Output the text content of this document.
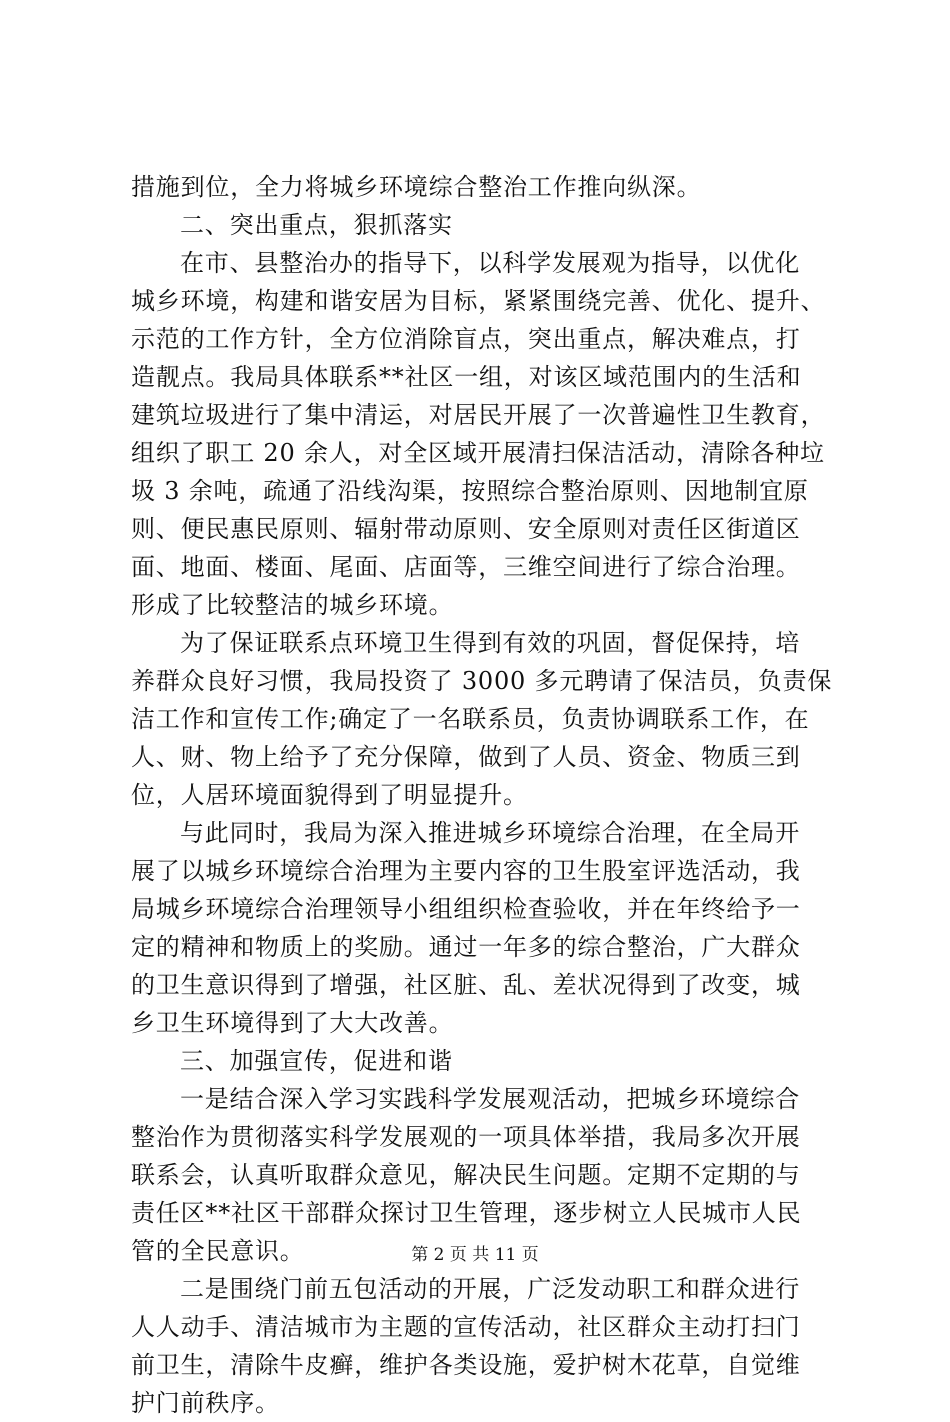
措施到位，全力将城乡环境综合整治工作推向纵深。
二、突出重点，狠抓落实
在市、县整治办的指导下，以科学发展观为指导，以优化
城乡环境，构建和谐安居为目标，紧紧围绕完善、优化、提升、
示范的工作方针，全方位消除盲点，突出重点，解决难点，打
造靓点。我局具体联系**社区一组，对该区域范围内的生活和
建筑垃圾进行了集中清运，对居民开展了一次普遍性卫生教育，
组织了职工 20 余人，对全区域开展清扫保洁活动，清除各种垃
圾 3 余吨，疏通了沿线沟渠，按照综合整治原则、因地制宜原
则、便民惠民原则、辐射带动原则、安全原则对责任区街道区
面、地面、楼面、尾面、店面等，三维空间进行了综合治理。
形成了比较整洁的城乡环境。
为了保证联系点环境卫生得到有效的巩固，督促保持，培
养群众良好习惯，我局投资了 3000 多元聘请了保洁员，负责保
洁工作和宣传工作;确定了一名联系员，负责协调联系工作，在
人、财、物上给予了充分保障，做到了人员、资金、物质三到
位，人居环境面貌得到了明显提升。
与此同时，我局为深入推进城乡环境综合治理，在全局开
展了以城乡环境综合治理为主要内容的卫生股室评选活动，我
局城乡环境综合治理领导小组组织检查验收，并在年终给予一
定的精神和物质上的奖励。通过一年多的综合整治，广大群众
的卫生意识得到了增强，社区脏、乱、差状况得到了改变，城
乡卫生环境得到了大大改善。
三、加强宣传，促进和谐
一是结合深入学习实践科学发展观活动，把城乡环境综合
整治作为贯彻落实科学发展观的一项具体举措，我局多次开展
联系会，认真听取群众意见，解决民生问题。定期不定期的与
责任区**社区干部群众探讨卫生管理，逐步树立人民城市人民
管的全民意识。
二是围绕门前五包活动的开展，广泛发动职工和群众进行
人人动手、清洁城市为主题的宣传活动，社区群众主动打扫门
前卫生，清除牛皮癣，维护各类设施，爱护树木花草，自觉维
护门前秩序。
第 2 页 共 11 页
